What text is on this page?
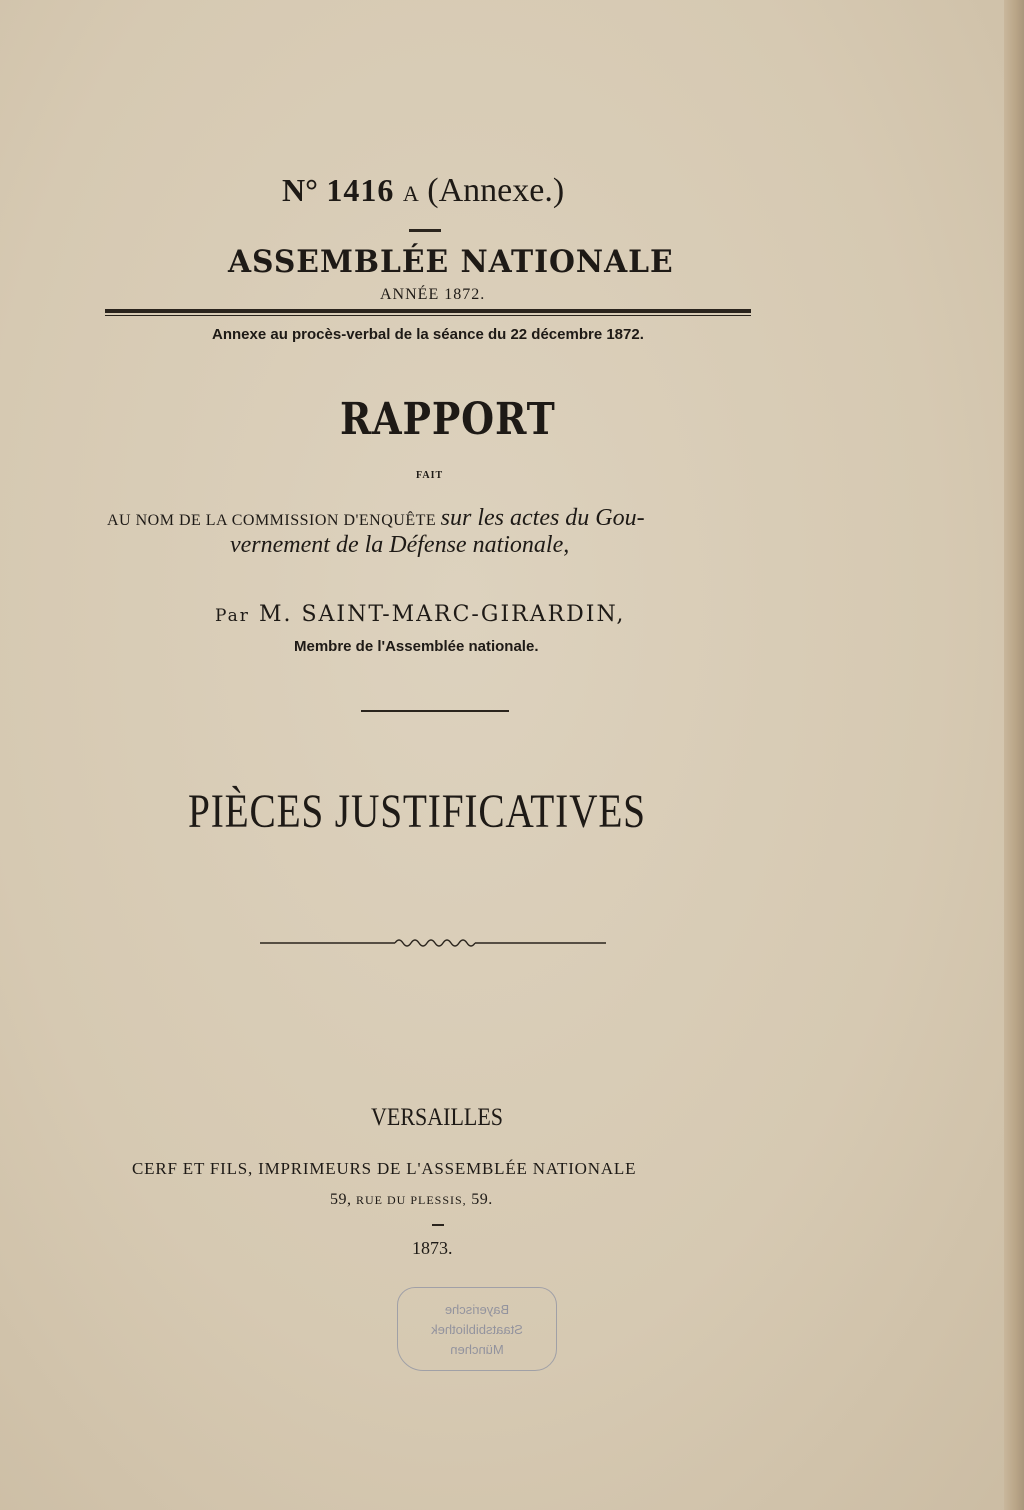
N° 1416 A (Annexe.)
ASSEMBLÉE NATIONALE
ANNÉE 1872.
Annexe au procès-verbal de la séance du 22 décembre 1872.
RAPPORT
FAIT
AU NOM DE LA COMMISSION D'ENQUÊTE sur les actes du Gou-
vernement de la Défense nationale,
Par M. SAINT-MARC-GIRARDIN,
Membre de l'Assemblée nationale.
PIÈCES JUSTIFICATIVES
VERSAILLES
CERF ET FILS, IMPRIMEURS DE L'ASSEMBLÉE NATIONALE
59, RUE DU PLESSIS, 59.
1873.
Bayerische
Staatsbibliothek
München
